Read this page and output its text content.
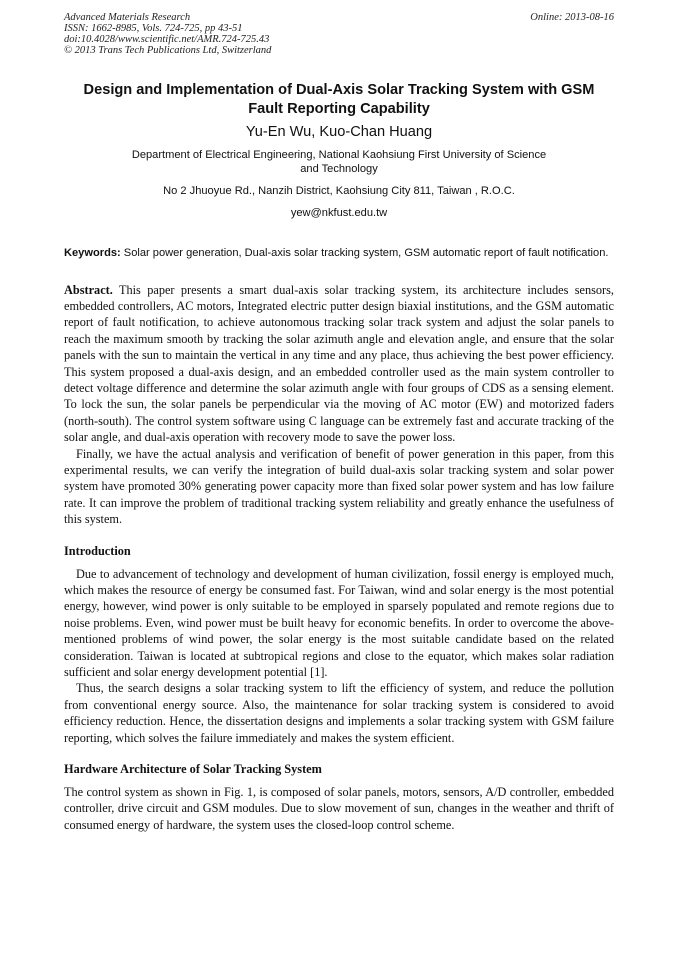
Advanced Materials Research
ISSN: 1662-8985, Vols. 724-725, pp 43-51
doi:10.4028/www.scientific.net/AMR.724-725.43
© 2013 Trans Tech Publications Ltd, Switzerland
Online: 2013-08-16
Design and Implementation of Dual-Axis Solar Tracking System with GSM Fault Reporting Capability
Yu-En Wu, Kuo-Chan Huang
Department of Electrical Engineering, National Kaohsiung First University of Science and Technology
No 2 Jhuoyue Rd., Nanzih District, Kaohsiung City 811, Taiwan , R.O.C.
yew@nkfust.edu.tw
Keywords: Solar power generation, Dual-axis solar tracking system, GSM automatic report of fault notification.

Abstract. This paper presents a smart dual-axis solar tracking system, its architecture includes sensors, embedded controllers, AC motors, Integrated electric putter design biaxial institutions, and the GSM automatic report of fault notification, to achieve autonomous tracking solar track system and adjust the solar panels to reach the maximum smooth by tracking the solar azimuth angle and elevation angle, and ensure that the solar panels with the sun to maintain the vertical in any time and any place, thus achieving the best power efficiency. This system proposed a dual-axis design, and an embedded controller used as the main system controller to detect voltage difference and determine the solar azimuth angle with four groups of CDS as a sensing element. To lock the sun, the solar panels be perpendicular via the moving of AC motor (EW) and motorized faders (north-south). The control system software using C language can be extremely fast and accurate tracking of the solar angle, and dual-axis operation with recovery mode to save the power loss.

Finally, we have the actual analysis and verification of benefit of power generation in this paper, from this experimental results, we can verify the integration of build dual-axis solar tracking system and solar power system have promoted 30% generating power capacity more than fixed solar power system and has low failure rate. It can improve the problem of traditional tracking system reliability and greatly enhance the usefulness of this system.

Introduction

Due to advancement of technology and development of human civilization, fossil energy is employed much, which makes the resource of energy be consumed fast. For Taiwan, wind and solar energy is the most potential energy, however, wind power is only suitable to be employed in sparsely populated and remote regions due to noise problems. Even, wind power must be built heavy for economic benefits. In order to overcome the above-mentioned problems of wind power, the solar energy is the most suitable candidate based on the related consideration. Taiwan is located at subtropical regions and close to the equator, which makes solar radiation sufficient and solar energy development potential [1].

Thus, the search designs a solar tracking system to lift the efficiency of system, and reduce the pollution from conventional energy source. Also, the maintenance for solar tracking system is considered to avoid efficiency reduction. Hence, the dissertation designs and implements a solar tracking system with GSM failure reporting, which solves the failure immediately and makes the system efficient.

Hardware Architecture of Solar Tracking System

The control system as shown in Fig. 1, is composed of solar panels, motors, sensors, A/D controller, embedded controller, drive circuit and GSM modules. Due to slow movement of sun, changes in the weather and thrift of consumed energy of hardware, the system uses the closed-loop control scheme.
